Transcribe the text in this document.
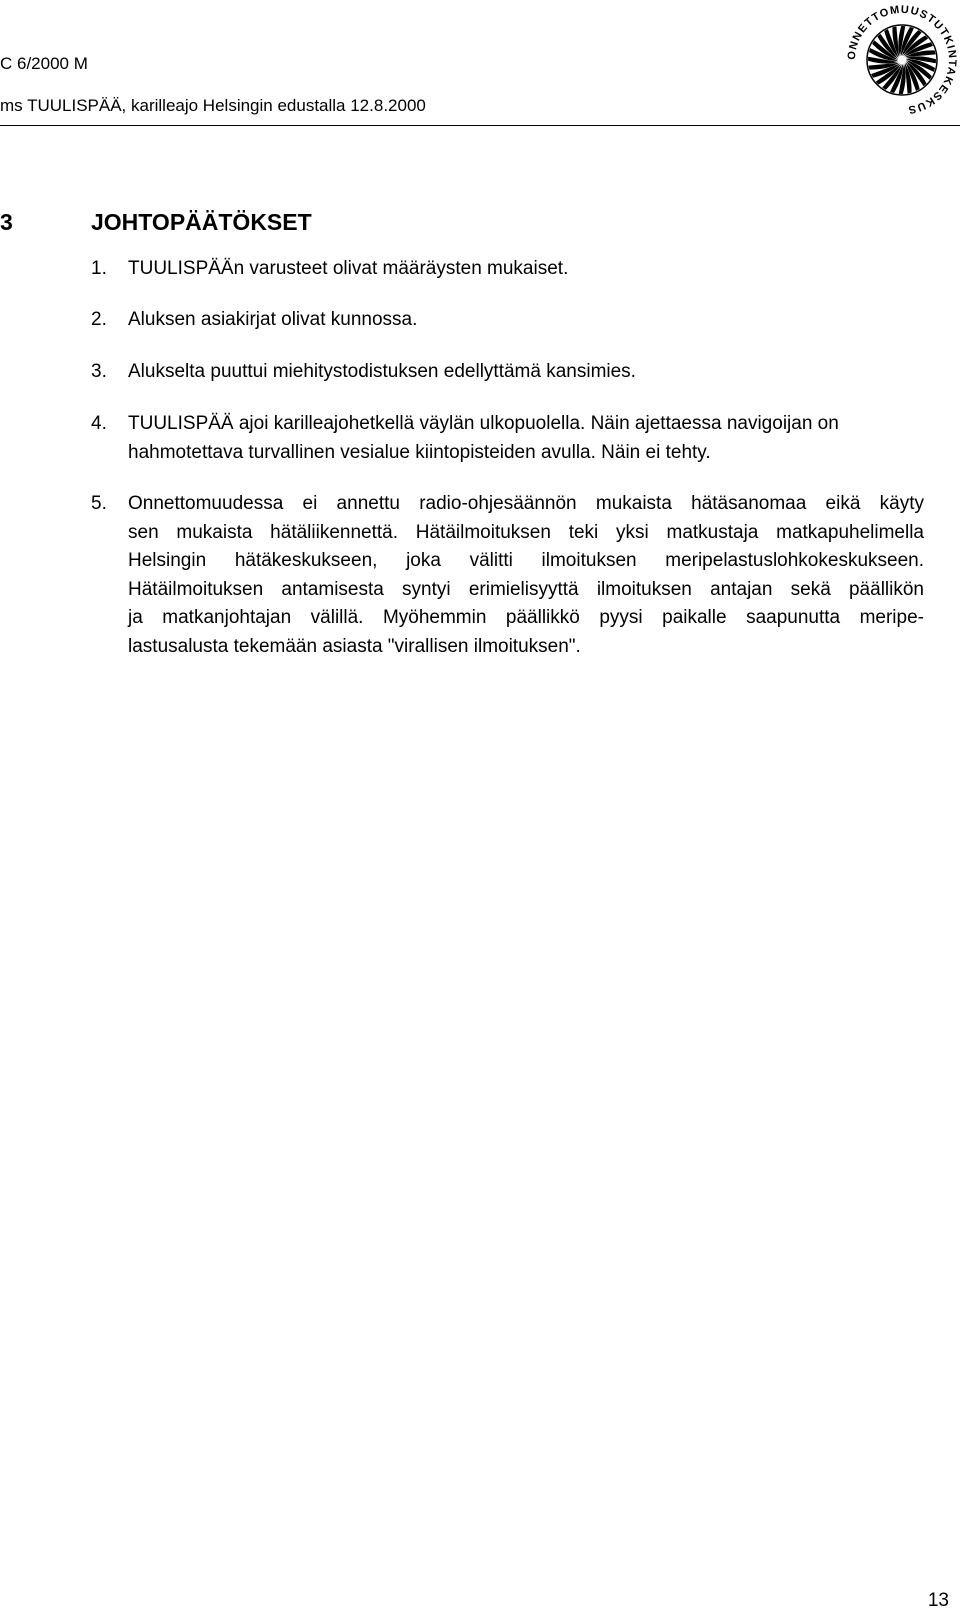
C 6/2000 M
ms TUULISPÄÄ, karilleajo Helsingin edustalla 12.8.2000
ONNETTOMUUSTUTKINTAKESKUS
3	JOHTOPÄÄTÖKSET
1. TUULISPÄÄn varusteet olivat määräysten mukaiset.
2. Aluksen asiakirjat olivat kunnossa.
3. Alukselta puuttui miehitystodistuksen edellyttämä kansimies.
4. TUULISPÄÄ ajoi karilleajohetkellä väylän ulkopuolella. Näin ajettaessa navigoijan on
hahmotettava turvallinen vesialue kiintopisteiden avulla. Näin ei tehty.
5. Onnettomuudessa ei annettu radio-ohjesäännön mukaista hätäsanomaa eikä käyty
sen mukaista hätäliikennettä. Hätäilmoituksen teki yksi matkustaja matkapuhelimella
Helsingin hätäkeskukseen, joka välitti ilmoituksen meripelastuslohkokeskukseen.
Hätäilmoituksen antamisesta syntyi erimielisyyttä ilmoituksen antajan sekä päällikön
ja matkanjohtajan välillä. Myöhemmin päällikkö pyysi paikalle saapunutta meripe-
lastusalusta tekemään asiasta "virallisen ilmoituksen".
13
